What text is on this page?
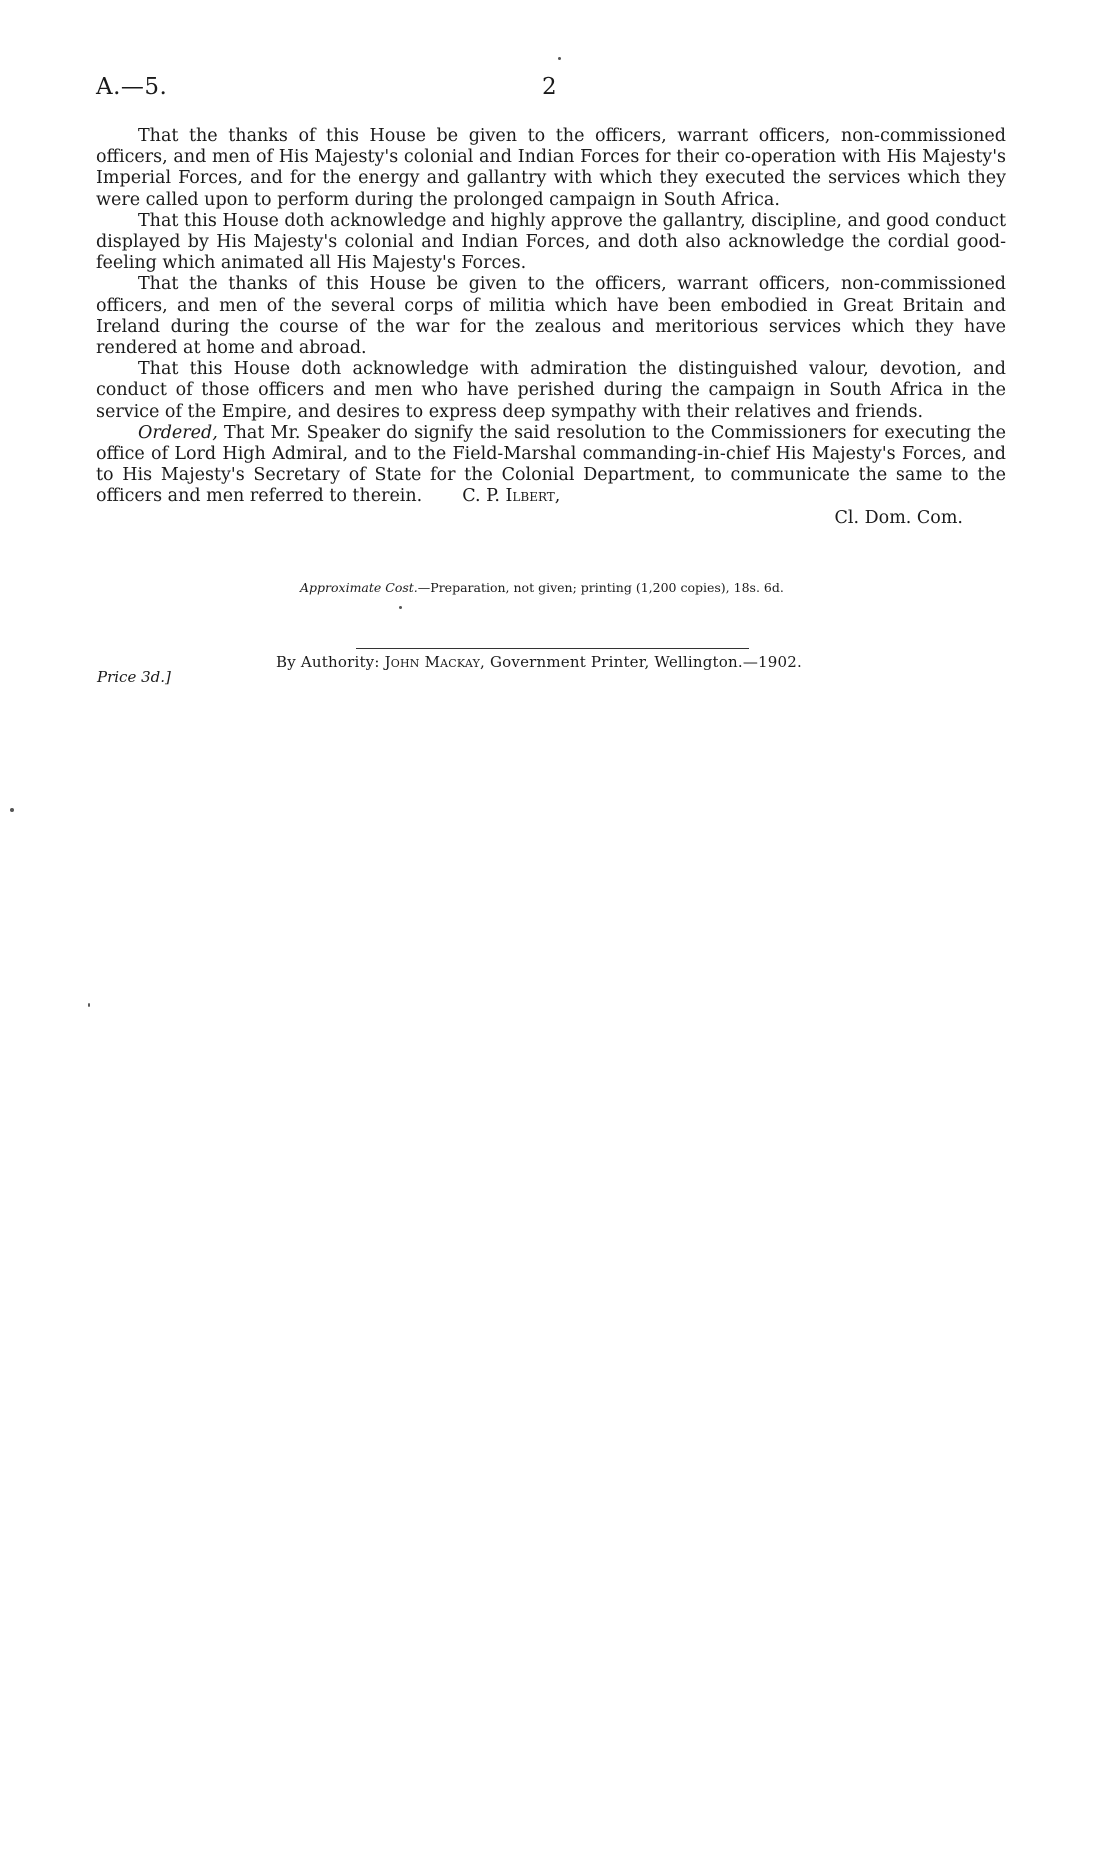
A.—5.	2

That the thanks of this House be given to the officers, warrant officers, non-commissioned officers, and men of His Majesty's colonial and Indian Forces for their co-operation with His Majesty's Imperial Forces, and for the energy and gallantry with which they executed the services which they were called upon to perform during the prolonged campaign in South Africa.

That this House doth acknowledge and highly approve the gallantry, discipline, and good conduct displayed by His Majesty's colonial and Indian Forces, and doth also acknowledge the cordial good-feeling which animated all His Majesty's Forces.

That the thanks of this House be given to the officers, warrant officers, non-commissioned officers, and men of the several corps of militia which have been embodied in Great Britain and Ireland during the course of the war for the zealous and meritorious services which they have rendered at home and abroad.

That this House doth acknowledge with admiration the distinguished valour, devotion, and conduct of those officers and men who have perished during the campaign in South Africa in the service of the Empire, and desires to express deep sympathy with their relatives and friends.

Ordered, That Mr. Speaker do signify the said resolution to the Commissioners for executing the office of Lord High Admiral, and to the Field-Marshal commanding-in-chief His Majesty's Forces, and to His Majesty's Secretary of State for the Colonial Department, to communicate the same to the officers and men referred to therein. C. P. Ilbert,

Cl. Dom. Com.
Approximate Cost.—Preparation, not given; printing (1,200 copies), 18s. 6d.
By Authority: John Mackay, Government Printer, Wellington.—1902.
Price 3d.]
